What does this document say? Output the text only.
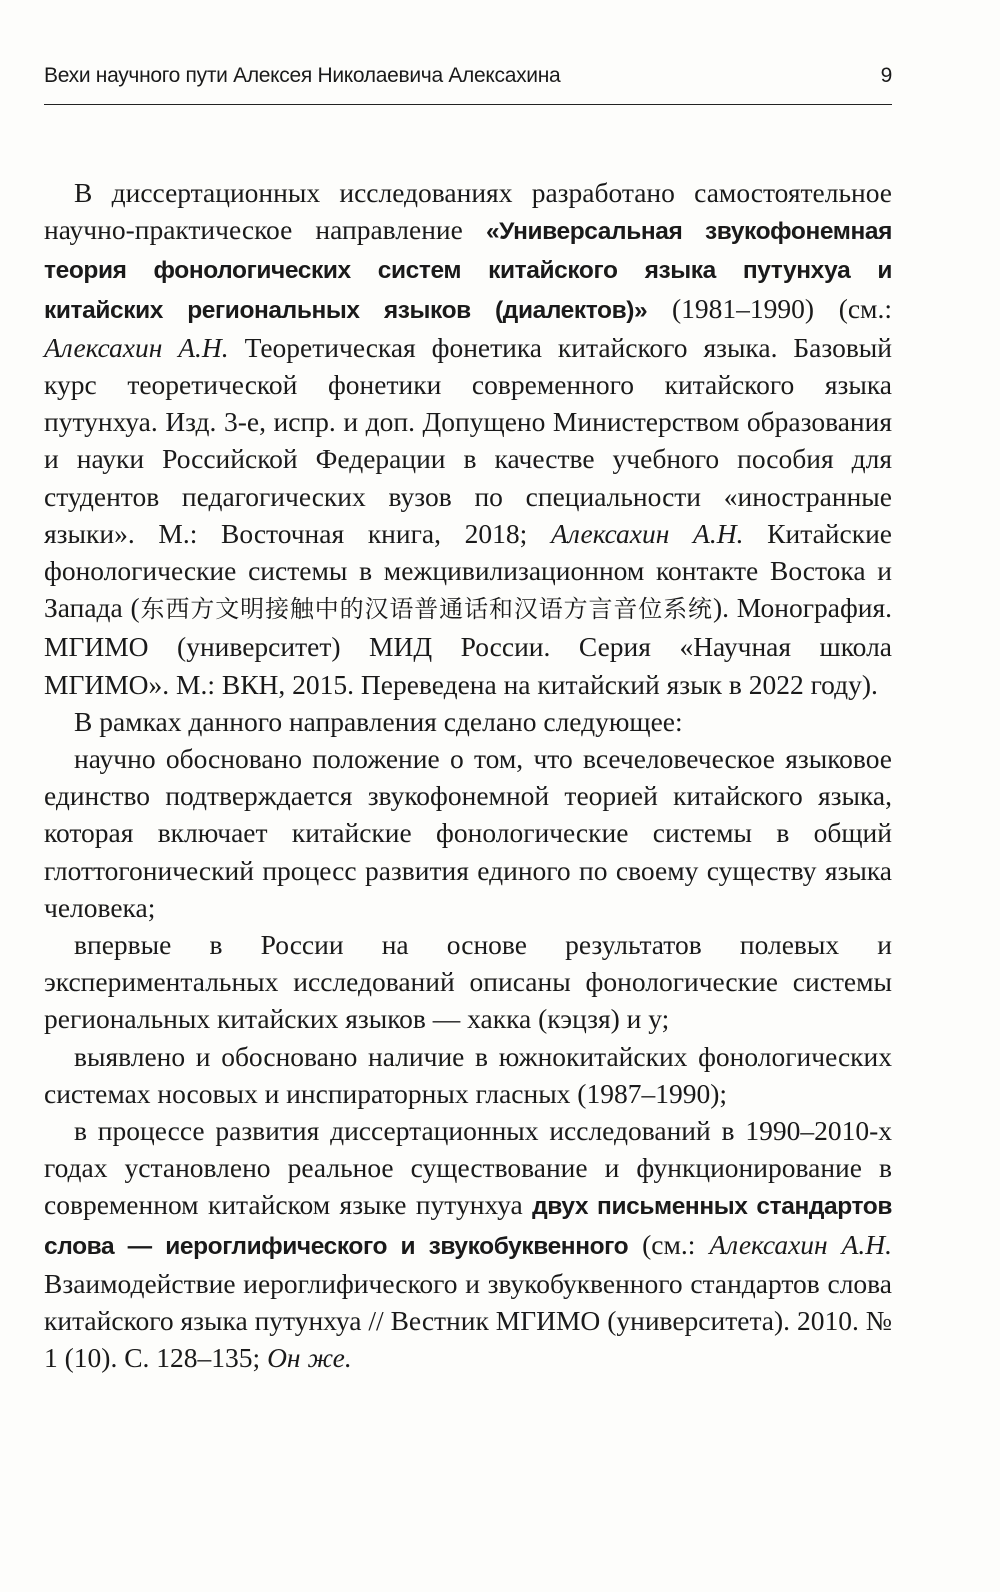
Вехи научного пути Алексея Николаевича Алексахина	9

В диссертационных исследованиях разработано самостоятельное научно-практическое направление «Универсальная звукофонемная теория фонологических систем китайского языка путунхуа и китайских региональных языков (диалектов)» (1981–1990) (см.: Алексахин А.Н. Теоретическая фонетика китайского языка. Базовый курс теоретической фонетики современного китайского языка путунхуа. Изд. 3-е, испр. и доп. Допущено Министерством образования и науки Российской Федерации в качестве учебного пособия для студентов педагогических вузов по специальности «иностранные языки». М.: Восточная книга, 2018; Алексахин А.Н. Китайские фонологические системы в межцивилизационном контакте Востока и Запада (东西方文明接触中的汉语普通话和汉语方言音位系统). Монография. МГИМО (университет) МИД России. Серия «Научная школа МГИМО». М.: ВКН, 2015. Переведена на китайский язык в 2022 году).

В рамках данного направления сделано следующее:

научно обосновано положение о том, что всечеловеческое языковое единство подтверждается звукофонемной теорией китайского языка, которая включает китайские фонологические системы в общий глоттогонический процесс развития единого по своему существу языка человека;

впервые в России на основе результатов полевых и экспериментальных исследований описаны фонологические системы региональных китайских языков — хакка (кэцзя) и у;

выявлено и обосновано наличие в южнокитайских фонологических системах носовых и инспираторных гласных (1987–1990);

в процессе развития диссертационных исследований в 1990–2010-х годах установлено реальное существование и функционирование в современном китайском языке путунхуа двух письменных стандартов слова — иероглифического и звукобуквенного (см.: Алексахин А.Н. Взаимодействие иероглифического и звукобуквенного стандартов слова китайского языка путунхуа // Вестник МГИМО (университета). 2010. № 1 (10). С. 128–135; Он же.
